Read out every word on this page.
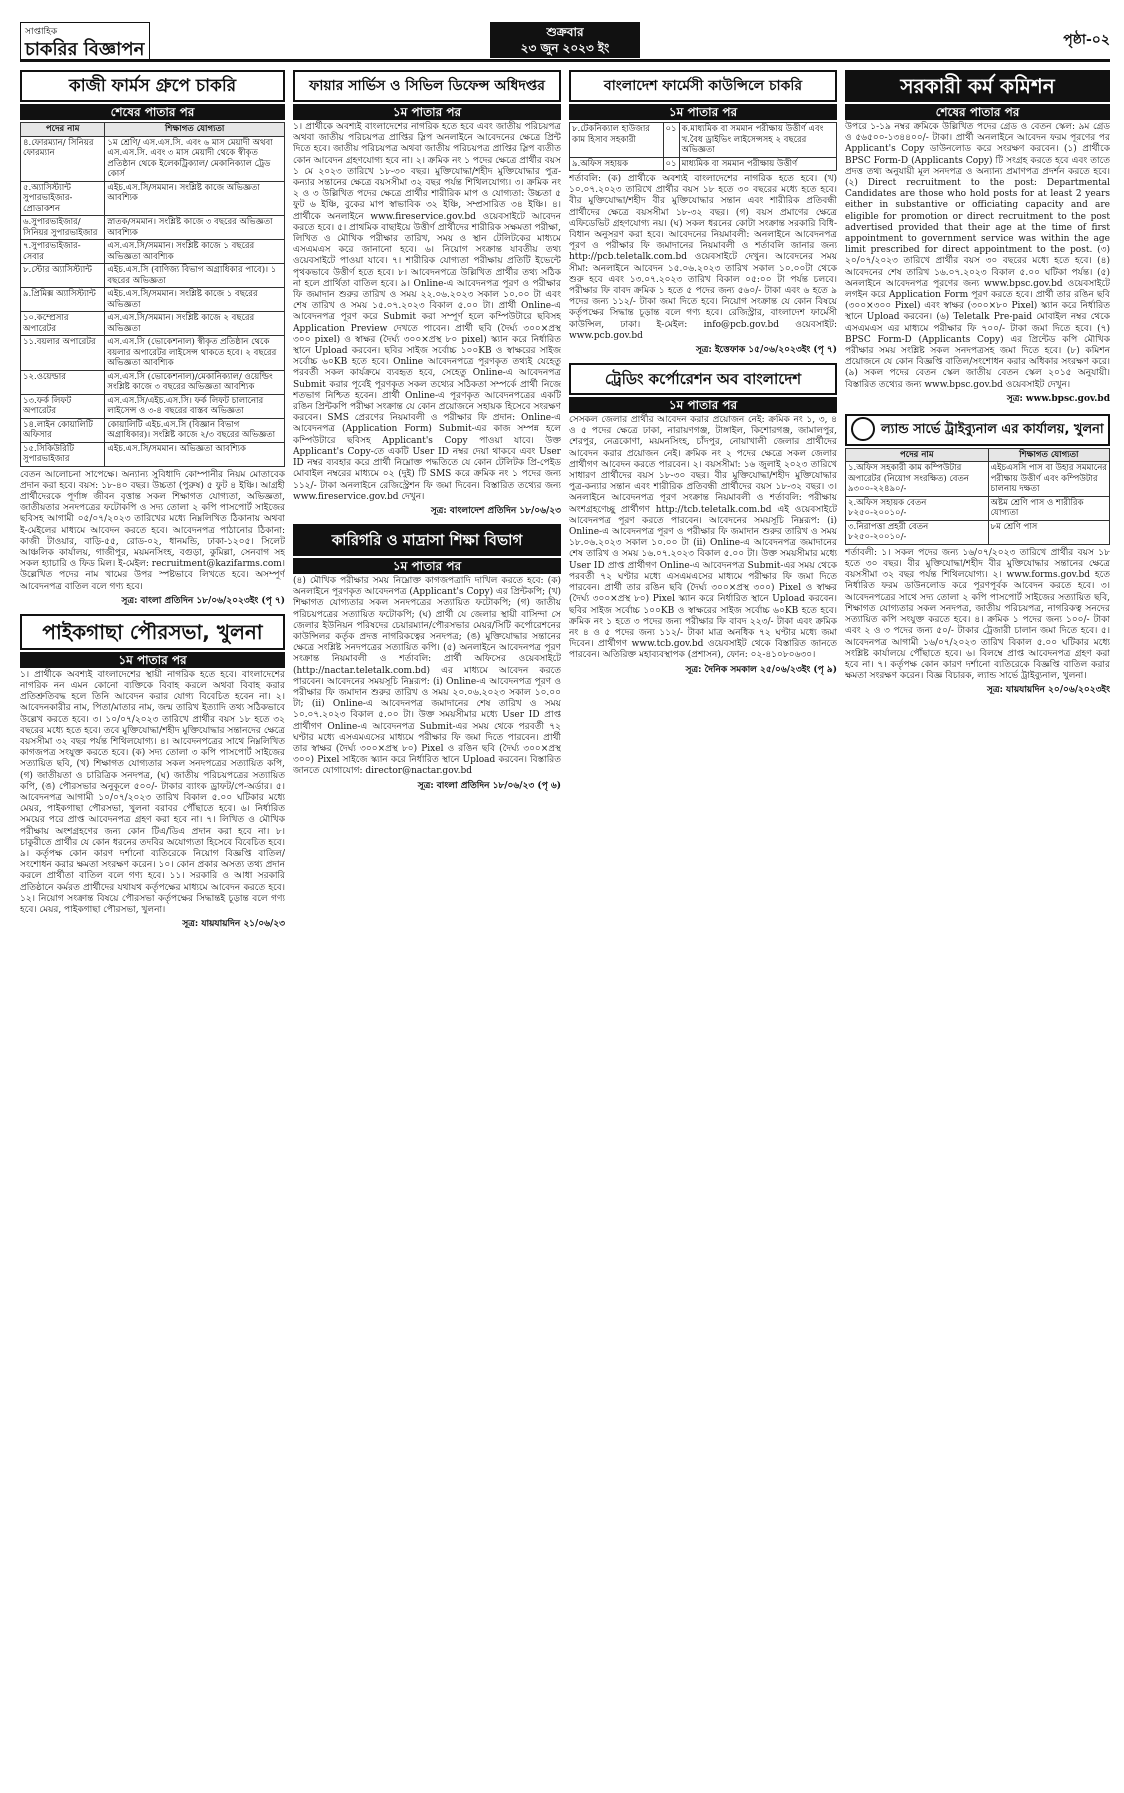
সাপ্তাহিক
চাকরির বিজ্ঞাপন
শুক্রবার
২৩ জুন ২০২৩ ইং	পৃষ্ঠা-০২
কাজী ফার্মস গ্রুপে চাকরি
শেষের পাতার পর
পদের নাম	শিক্ষাগত যোগ্যতা
৪.ফোরম্যান/ সিনিয়র ফোরম্যান	১ম শ্রেণি/ এস.এস.সি. এবং ৬ মাস মেয়াদী অথবা এস.এস.সি. এবং ৩ মাস মেয়াদী থেকে স্বীকৃত প্রতিষ্ঠান থেকে ইলেকট্রিক্যাল/ মেকানিক্যাল ট্রেড কোর্স
৫.অ্যাসিস্ট্যান্ট সুপারভাইজার-প্রোডাকশন	এইচ.এস.সি/সমমান। সংশ্লিষ্ট কাজে অভিজ্ঞতা আবশ্যিক
৬.সুপারভাইজার/ সিনিয়র সুপারভাইজার	স্নাতক/সমমান। সংশ্লিষ্ট কাজে ৩ বছরের অভিজ্ঞতা আবশ্যিক
৭.সুপারভাইজার- সেবার	এস.এস.সি/সমমান। সংশ্লিষ্ট কাজে ১ বছরের অভিজ্ঞতা আবশ্যিক
৮.স্টোর অ্যাসিস্ট্যান্ট	এইচ.এস.সি (বাণিজ্য বিভাগ অগ্রাধিকার পাবে)। ১ বছরের অভিজ্ঞতা
৯.প্রিমিক্স অ্যাসিস্ট্যান্ট	এইচ.এস.সি/সমমান। সংশ্লিষ্ট কাজে ১ বছরের অভিজ্ঞতা
১০.কম্প্রেসার অপারেটর	এস.এস.সি/সমমান। সংশ্লিষ্ট কাজে ২ বছরের অভিজ্ঞতা
১১.বয়লার অপারেটর	এস.এস.সি (ভোকেশনাল) স্বীকৃত প্রতিষ্ঠান থেকে বয়লার অপারেটর লাইসেন্স থাকতে হবে। ২ বছরের অভিজ্ঞতা আবশ্যিক
১২.ওয়েল্ডার	এস.এস.সি (ভোকেশনাল)/মেকানিক্যাল/ ওয়েল্ডিং সংশ্লিষ্ট কাজে ৩ বছরের অভিজ্ঞতা আবশ্যিক
১৩.ফর্ক লিফট অপারেটর	এস.এস.সি/এইচ.এস.সি। ফর্ক লিফট চালানোর লাইসেন্স ও ৩-৪ বছরের বাস্তব অভিজ্ঞতা
১৪.লাইন কোয়ালিটি অফিসার	কোয়ালিটি এইচ.এস.সি (বিজ্ঞান বিভাগ অগ্রাধিকার)। সংশ্লিষ্ট কাজে ২/৩ বছরের অভিজ্ঞতা
১৫.সিকিউরিটি সুপারভাইজার	এইচ.এস.সি/সমমান। অভিজ্ঞতা আবশ্যিক
বেতন আলোচনা সাপেক্ষে। অন্যান্য সুবিধাদি কোম্পানীর নিয়ম মোতাবেক প্রদান করা হবে। বয়স: ১৮-৪০ বছর। উচ্চতা (পুরুষ) ৫ ফুট ৪ ইঞ্চি। আগ্রহী প্রার্থীদেরকে পূর্ণাঙ্গ জীবন বৃত্তান্ত সকল শিক্ষাগত যোগ্যতা, অভিজ্ঞতা, জাতীয়তার সনদপত্রের ফটোকপি ও সদ্য তোলা ২ কপি পাসপোর্ট সাইজের ছবিসহ আগামী ০৫/০৭/২০২৩ তারিখের মধ্যে নিম্নলিখিত ঠিকানায় অথবা ই-মেইলের মাধ্যমে আবেদন করতে হবে। আবেদনপত্র পাঠানোর ঠিকানা: কাজী টাওয়ার, বাড়ি-৫৫, রোড-০২, ধানমন্ডি, ঢাকা-১২০৫। সিলেট আঞ্চলিক কার্যালয়, গাজীপুর, ময়মনসিংহ, বগুড়া, কুমিল্লা, সেনবাগ সহ সকল হ্যাচারি ও ফিড মিল। ই-মেইল: recruitment@kazifarms.com। উল্লেখিত পদের নাম খামের উপর স্পষ্টভাবে লিখতে হবে। অসম্পূর্ণ আবেদনপত্র বাতিল বলে গণ্য হবে।
সূত্র: বাংলা প্রতিদিন ১৮/০৬/২০২৩ইং (পৃ ৭)
পাইকগাছা পৌরসভা, খুলনা
১ম পাতার পর
১। প্রার্থীকে অবশ্যই বাংলাদেশের স্থায়ী নাগরিক হতে হবে। বাংলাদেশের নাগরিক নন এমন কোনো ব্যক্তিকে বিবাহ করলে অথবা বিবাহ করার প্রতিশ্রুতিবদ্ধ হলে তিনি আবেদন করার যোগ্য বিবেচিত হবেন না। ২। আবেদনকারীর নাম, পিতা/মাতার নাম, জন্ম তারিখ ইত্যাদি তথ্য সঠিকভাবে উল্লেখ করতে হবে। ৩। ১০/০৭/২০২৩ তারিখে প্রার্থীর বয়স ১৮ হতে ৩২ বছরের মধ্যে হতে হবে। তবে মুক্তিযোদ্ধা/শহীদ মুক্তিযোদ্ধার সন্তানদের ক্ষেত্রে বয়সসীমা ৩২ বছর পর্যন্ত শিথিলযোগ্য। ৪। আবেদনপত্রের সাথে নিম্নলিখিত কাগজপত্র সংযুক্ত করতে হবে। (ক) সদ্য তোলা ৩ কপি পাসপোর্ট সাইজের সত্যায়িত ছবি, (খ) শিক্ষাগত যোগ্যতার সকল সনদপত্রের সত্যায়িত কপি, (গ) জাতীয়তা ও চারিত্রিক সনদপত্র, (ঘ) জাতীয় পরিচয়পত্রের সত্যায়িত কপি, (ঙ) পৌরসভার অনুকূলে ৫০০/- টাকার ব্যাংক ড্রাফট/পে-অর্ডার। ৫। আবেদনপত্র আগামী ১০/০৭/২০২৩ তারিখ বিকাল ৫.০০ ঘটিকার মধ্যে মেয়র, পাইকগাছা পৌরসভা, খুলনা বরাবর পৌঁছাতে হবে। ৬। নির্ধারিত সময়ের পরে প্রাপ্ত আবেদনপত্র গ্রহণ করা হবে না। ৭। লিখিত ও মৌখিক পরীক্ষায় অংশগ্রহণের জন্য কোন টিএ/ডিএ প্রদান করা হবে না। ৮। চাকুরীতে প্রার্থীর যে কোন ধরনের তদবির অযোগ্যতা হিসেবে বিবেচিত হবে। ৯। কর্তৃপক্ষ কোন কারণ দর্শানো ব্যতিরেকে নিয়োগ বিজ্ঞপ্তি বাতিল/সংশোধন করার ক্ষমতা সংরক্ষণ করেন। ১০। কোন প্রকার অসত্য তথ্য প্রদান করলে প্রার্থীতা বাতিল বলে গণ্য হবে। ১১। সরকারি ও আধা সরকারি প্রতিষ্ঠানে কর্মরত প্রার্থীদের যথাযথ কর্তৃপক্ষের মাধ্যমে আবেদন করতে হবে। ১২। নিয়োগ সংক্রান্ত বিষয়ে পৌরসভা কর্তৃপক্ষের সিদ্ধান্তই চূড়ান্ত বলে গণ্য হবে। মেয়র, পাইকগাছা পৌরসভা, খুলনা।
সূত্র: যায়যায়দিন ২১/০৬/২৩
ফায়ার সার্ভিস ও সিভিল ডিফেন্স অধিদপ্তর
১ম পাতার পর
১। প্রার্থীকে অবশ্যই বাংলাদেশের নাগরিক হতে হবে এবং জাতীয় পরিচয়পত্র অথবা জাতীয় পরিচয়পত্র প্রাপ্তির স্লিপ অনলাইনে আবেদনের ক্ষেত্রে প্রিন্ট দিতে হবে। জাতীয় পরিচয়পত্র অথবা জাতীয় পরিচয়পত্র প্রাপ্তির স্লিপ ব্যতীত কোন আবেদন গ্রহণযোগ্য হবে না। ২। ক্রমিক নং ১ পদের ক্ষেত্রে প্রার্থীর বয়স ১ মে ২০২৩ তারিখে ১৮-৩০ বছর। মুক্তিযোদ্ধা/শহীদ মুক্তিযোদ্ধার পুত্র-কন্যার সন্তানের ক্ষেত্রে বয়সসীমা ৩২ বছর পর্যন্ত শিথিলযোগ্য। ৩। ক্রমিক নং ২ ও ৩ উল্লিখিত পদের ক্ষেত্রে প্রার্থীর শারীরিক মাপ ও যোগ্যতা: উচ্চতা ৫ ফুট ৬ ইঞ্চি, বুকের মাপ স্বাভাবিক ৩২ ইঞ্চি, সম্প্রসারিত ৩৪ ইঞ্চি। ৪। প্রার্থীকে অনলাইনে www.fireservice.gov.bd ওয়েবসাইটে আবেদন করতে হবে। ৫। প্রাথমিক বাছাইয়ে উত্তীর্ণ প্রার্থীদের শারীরিক সক্ষমতা পরীক্ষা, লিখিত ও মৌখিক পরীক্ষার তারিখ, সময় ও স্থান টেলিটকের মাধ্যমে এসএমএস করে জানানো হবে। ৬। নিয়োগ সংক্রান্ত যাবতীয় তথ্য ওয়েবসাইটে পাওয়া যাবে। ৭। শারীরিক যোগ্যতা পরীক্ষায় প্রতিটি ইভেন্টে পৃথকভাবে উত্তীর্ণ হতে হবে। ৮। আবেদনপত্রে উল্লিখিত প্রার্থীর তথ্য সঠিক না হলে প্রার্থিতা বাতিল হবে। ৯। Online-এ আবেদনপত্র পূরণ ও পরীক্ষার ফি জমাদান শুরুর তারিখ ও সময় ২২.০৬.২০২৩ সকাল ১০.০০ টা এবং শেষ তারিখ ও সময় ১৫.০৭.২০২৩ বিকাল ৫.০০ টা। প্রার্থী Online-এ আবেদনপত্র পূরণ করে Submit করা সম্পূর্ণ হলে কম্পিউটারে ছবিসহ Application Preview দেখতে পাবেন। প্রার্থী ছবি (দৈর্ঘ্য ৩০০×প্রস্থ ৩০০ pixel) ও স্বাক্ষর (দৈর্ঘ্য ৩০০×প্রস্থ ৮০ pixel) স্ক্যান করে নির্ধারিত স্থানে Upload করবেন। ছবির সাইজ সর্বোচ্চ ১০০KB ও স্বাক্ষরের সাইজ সর্বোচ্চ ৬০KB হতে হবে। Online আবেদনপত্রে পূরণকৃত তথ্যই যেহেতু পরবর্তী সকল কার্যক্রমে ব্যবহৃত হবে, সেহেতু Online-এ আবেদনপত্র Submit করার পূর্বেই পূরণকৃত সকল তথ্যের সঠিকতা সম্পর্কে প্রার্থী নিজে শতভাগ নিশ্চিত হবেন। প্রার্থী Online-এ পূরণকৃত আবেদনপত্রের একটি রঙিন প্রিন্টকপি পরীক্ষা সংক্রান্ত যে কোন প্রয়োজনে সহায়ক হিসেবে সংরক্ষণ করবেন। SMS প্রেরণের নিয়মাবলী ও পরীক্ষার ফি প্রদান: Online-এ আবেদনপত্র (Application Form) Submit-এর কাজ সম্পন্ন হলে কম্পিউটারে ছবিসহ Applicant's Copy পাওয়া যাবে। উক্ত Applicant's Copy-তে একটি User ID নম্বর দেয়া থাকবে এবং User ID নম্বর ব্যবহার করে প্রার্থী নিম্নোক্ত পদ্ধতিতে যে কোন টেলিটক প্রি-পেইড মোবাইল নম্বরের মাধ্যমে ০২ (দুই) টি SMS করে ক্রমিক নং ১ পদের জন্য ১১২/- টাকা অনলাইনে রেজিস্ট্রেশন ফি জমা দিবেন। বিস্তারিত তথ্যের জন্য www.fireservice.gov.bd দেখুন।
সূত্র: বাংলাদেশ প্রতিদিন ১৮/০৬/২৩
কারিগরি ও মাদ্রাসা শিক্ষা বিভাগ
১ম পাতার পর
(৪) মৌখিক পরীক্ষার সময় নিম্নোক্ত কাগজপত্রাদি দাখিল করতে হবে: (ক) অনলাইনে পূরণকৃত আবেদনপত্র (Applicant's Copy) এর প্রিন্টকপি; (খ) শিক্ষাগত যোগ্যতার সকল সনদপত্রের সত্যায়িত ফটোকপি; (গ) জাতীয় পরিচয়পত্রের সত্যায়িত ফটোকপি; (ঘ) প্রার্থী যে জেলার স্থায়ী বাসিন্দা সে জেলার ইউনিয়ন পরিষদের চেয়ারম্যান/পৌরসভার মেয়র/সিটি কর্পোরেশনের কাউন্সিলর কর্তৃক প্রদত্ত নাগরিকত্বের সনদপত্র; (ঙ) মুক্তিযোদ্ধার সন্তানের ক্ষেত্রে সংশ্লিষ্ট সনদপত্রের সত্যায়িত কপি। (৫) অনলাইনে আবেদনপত্র পূরণ সংক্রান্ত নিয়মাবলী ও শর্তাবলি: প্রার্থী অফিসের ওয়েবসাইটে (http://nactar.teletalk.com.bd) এর মাধ্যমে আবেদন করতে পারবেন। আবেদনের সময়সূচি নিম্নরূপ: (i) Online-এ আবেদনপত্র পূরণ ও পরীক্ষার ফি জমাদান শুরুর তারিখ ও সময় ২০.০৬.২০২৩ সকাল ১০.০০ টা; (ii) Online-এ আবেদনপত্র জমাদানের শেষ তারিখ ও সময় ১০.০৭.২০২৩ বিকাল ৫.০০ টা। উক্ত সময়সীমার মধ্যে User ID প্রাপ্ত প্রার্থীগণ Online-এ আবেদনপত্র Submit-এর সময় থেকে পরবর্তী ৭২ ঘণ্টার মধ্যে এসএমএসের মাধ্যমে পরীক্ষার ফি জমা দিতে পারবেন। প্রার্থী তার স্বাক্ষর (দৈর্ঘ্য ৩০০×প্রস্থ ৮০) Pixel ও রঙিন ছবি (দৈর্ঘ্য ৩০০×প্রস্থ ৩০০) Pixel সাইজে স্ক্যান করে নির্ধারিত স্থানে Upload করবেন। বিস্তারিত জানতে যোগাযোগ: director@nactar.gov.bd
সূত্র: বাংলা প্রতিদিন ১৮/০৬/২৩ (পৃ ৬)
বাংলাদেশ ফার্মেসী কাউন্সিলে চাকরি
১ম পাতার পর
৮.টেকনিক্যাল হাউজার কাম হিসাব সহকারী	০১	ক.মাধ্যমিক বা সমমান পরীক্ষায় উত্তীর্ণ এবং খ.বৈধ ড্রাইভিং লাইসেন্সসহ ২ বছরের অভিজ্ঞতা
৯.অফিস সহায়ক	০১	মাধ্যমিক বা সমমান পরীক্ষায় উত্তীর্ণ
শর্তাবলি: (ক) প্রার্থীকে অবশ্যই বাংলাদেশের নাগরিক হতে হবে। (খ) ১০.০৭.২০২৩ তারিখে প্রার্থীর বয়স ১৮ হতে ৩০ বছরের মধ্যে হতে হবে। বীর মুক্তিযোদ্ধা/শহীদ বীর মুক্তিযোদ্ধার সন্তান এবং শারীরিক প্রতিবন্ধী প্রার্থীদের ক্ষেত্রে বয়সসীমা ১৮-৩২ বছর। (গ) বয়স প্রমাণের ক্ষেত্রে এফিডেভিট গ্রহণযোগ্য নয়। (ঘ) সকল ধরনের কোটা সংক্রান্ত সরকারি বিধি-বিধান অনুসরণ করা হবে। আবেদনের নিয়মাবলী: অনলাইনে আবেদনপত্র পূরণ ও পরীক্ষার ফি জমাদানের নিয়মাবলী ও শর্তাবলি জানার জন্য http://pcb.teletalk.com.bd ওয়েবসাইটে দেখুন। আবেদনের সময় সীমা: অনলাইনে আবেদন ১৫.০৬.২০২৩ তারিখ সকাল ১০.০০টা থেকে শুরু হবে এবং ১৩.০৭.২০২৩ তারিখ বিকাল ০৫:০০ টা পর্যন্ত চলবে। পরীক্ষার ফি বাবদ ক্রমিক ১ হতে ৫ পদের জন্য ৫৬০/- টাকা এবং ৬ হতে ৯ পদের জন্য ১১২/- টাকা জমা দিতে হবে। নিয়োগ সংক্রান্ত যে কোন বিষয়ে কর্তৃপক্ষের সিদ্ধান্ত চূড়ান্ত বলে গণ্য হবে। রেজিস্ট্রার, বাংলাদেশ ফার্মেসী কাউন্সিল, ঢাকা। ই-মেইল: info@pcb.gov.bd ওয়েবসাইট: www.pcb.gov.bd
সূত্র: ইত্তেফাক ১৫/০৬/২০২৩ইং (পৃ ৭)
ট্রেডিং কর্পোরেশন অব বাংলাদেশ
১ম পাতার পর
সেসকল জেলার প্রার্থীর আবেদন করার প্রয়োজন নেই: ক্রমিক নং ১, ৩, ৪ ও ৫ পদের ক্ষেত্রে ঢাকা, নারায়ণগঞ্জ, টাঙ্গাইল, কিশোরগঞ্জ, জামালপুর, শেরপুর, নেত্রকোণা, ময়মনসিংহ, চাঁদপুর, নোয়াখালী জেলার প্রার্থীদের আবেদন করার প্রয়োজন নেই। ক্রমিক নং ২ পদের ক্ষেত্রে সকল জেলার প্রার্থীগণ আবেদন করতে পারবেন। ২। বয়সসীমা: ১৬ জুলাই ২০২৩ তারিখে সাধারণ প্রার্থীদের বয়স ১৮-৩০ বছর। বীর মুক্তিযোদ্ধা/শহীদ মুক্তিযোদ্ধার পুত্র-কন্যার সন্তান এবং শারীরিক প্রতিবন্ধী প্রার্থীদের বয়স ১৮-৩২ বছর। ৩। অনলাইনে আবেদনপত্র পূরণ সংক্রান্ত নিয়মাবলী ও শর্তাবলি: পরীক্ষায় অংশগ্রহণেচ্ছু প্রার্থীগণ http://tcb.teletalk.com.bd এই ওয়েবসাইটে আবেদনপত্র পূরণ করতে পারবেন। আবেদনের সময়সূচি নিম্নরূপ: (i) Online-এ আবেদনপত্র পূরণ ও পরীক্ষার ফি জমাদান শুরুর তারিখ ও সময় ১৮.০৬.২০২৩ সকাল ১০.০০ টা (ii) Online-এ আবেদনপত্র জমাদানের শেষ তারিখ ও সময় ১৬.০৭.২০২৩ বিকাল ৫.০০ টা। উক্ত সময়সীমার মধ্যে User ID প্রাপ্ত প্রার্থীগণ Online-এ আবেদনপত্র Submit-এর সময় থেকে পরবর্তী ৭২ ঘণ্টার মধ্যে এসএমএসের মাধ্যমে পরীক্ষার ফি জমা দিতে পারবেন। প্রার্থী তার রঙিন ছবি (দৈর্ঘ্য ৩০০×প্রস্থ ৩০০) Pixel ও স্বাক্ষর (দৈর্ঘ্য ৩০০×প্রস্থ ৮০) Pixel স্ক্যান করে নির্ধারিত স্থানে Upload করবেন। ছবির সাইজ সর্বোচ্চ ১০০KB ও স্বাক্ষরের সাইজ সর্বোচ্চ ৬০KB হতে হবে। ক্রমিক নং ১ হতে ৩ পদের জন্য পরীক্ষার ফি বাবদ ২২৩/- টাকা এবং ক্রমিক নং ৪ ও ৫ পদের জন্য ১১২/- টাকা মাত্র অনধিক ৭২ ঘণ্টার মধ্যে জমা দিবেন। প্রার্থীগণ www.tcb.gov.bd ওয়েবসাইট থেকে বিস্তারিত জানতে পারবেন। অতিরিক্ত মহাব্যবস্থাপক (প্রশাসন), ফোন: ০২-৪১০৮০৬৩০।
সূত্র: দৈনিক সমকাল ২৫/০৬/২৩ইং (পৃ ৯)
সরকারী কর্ম কমিশন
শেষের পাতার পর
উপরে ১-১৯ নম্বর ক্রমিকে উল্লিখিত পদের গ্রেড ও বেতন স্কেল: ৯ম গ্রেড ও ৫৬৫০০-১৩৪৪০০/- টাকা। প্রার্থী অনলাইনে আবেদন ফরম পূরণের পর Applicant's Copy ডাউনলোড করে সংরক্ষণ করবেন। (১) প্রার্থীকে BPSC Form-D (Applicants Copy) টি সংগ্রহ করতে হবে এবং তাতে প্রদত্ত তথ্য অনুযায়ী মূল সনদপত্র ও অন্যান্য প্রমাণপত্র প্রদর্শন করতে হবে। (২) Direct recruitment to the post: Departmental Candidates are those who hold posts for at least 2 years either in substantive or officiating capacity and are eligible for promotion or direct recruitment to the post advertised provided that their age at the time of first appointment to government service was within the age limit prescribed for direct appointment to the post. (৩) ২০/০৭/২০২৩ তারিখে প্রার্থীর বয়স ৩০ বছরের মধ্যে হতে হবে। (৪) আবেদনের শেষ তারিখ ১৬.০৭.২০২৩ বিকাল ৫.০০ ঘটিকা পর্যন্ত। (৫) অনলাইনে আবেদনপত্র পূরণের জন্য www.bpsc.gov.bd ওয়েবসাইটে লগইন করে Application Form পূরণ করতে হবে। প্রার্থী তার রঙিন ছবি (৩০০×৩০০ Pixel) এবং স্বাক্ষর (৩০০×৮০ Pixel) স্ক্যান করে নির্ধারিত স্থানে Upload করবেন। (৬) Teletalk Pre-paid মোবাইল নম্বর থেকে এসএমএস এর মাধ্যমে পরীক্ষার ফি ৭০০/- টাকা জমা দিতে হবে। (৭) BPSC Form-D (Applicants Copy) এর প্রিন্টেড কপি মৌখিক পরীক্ষার সময় সংশ্লিষ্ট সকল সনদপত্রসহ জমা দিতে হবে। (৮) কমিশন প্রয়োজনে যে কোন বিজ্ঞপ্তি বাতিল/সংশোধন করার অধিকার সংরক্ষণ করে। (৯) সকল পদের বেতন স্কেল জাতীয় বেতন স্কেল ২০১৫ অনুযায়ী। বিস্তারিত তথ্যের জন্য www.bpsc.gov.bd ওয়েবসাইট দেখুন।
সূত্র: www.bpsc.gov.bd
ল্যান্ড সার্ভে ট্রাইব্যুনাল এর কার্যালয়, খুলনা
পদের নাম	শিক্ষাগত যোগ্যতা
১.অফিস সহকারী কাম কম্পিউটার অপারেটর (নিয়োগ সংরক্ষিত) বেতন ৯৩০০-২২৪৯০/-	এইচএসসি পাস বা উহার সমমানের পরীক্ষায় উত্তীর্ণ এবং কম্পিউটার চালনায় দক্ষতা
২.অফিস সহায়ক বেতন ৮২৫০-২০০১০/-	অষ্টম শ্রেণি পাস ও শারীরিক যোগ্যতা
৩.নিরাপত্তা প্রহরী বেতন ৮২৫০-২০০১০/-	৮ম শ্রেণি পাস
শর্তাবলী: ১। সকল পদের জন্য ১৬/০৭/২০২৩ তারিখে প্রার্থীর বয়স ১৮ হতে ৩০ বছর। বীর মুক্তিযোদ্ধা/শহীদ বীর মুক্তিযোদ্ধার সন্তানের ক্ষেত্রে বয়সসীমা ৩২ বছর পর্যন্ত শিথিলযোগ্য। ২। www.forms.gov.bd হতে নির্ধারিত ফরম ডাউনলোড করে পূরণপূর্বক আবেদন করতে হবে। ৩। আবেদনপত্রের সাথে সদ্য তোলা ২ কপি পাসপোর্ট সাইজের সত্যায়িত ছবি, শিক্ষাগত যোগ্যতার সকল সনদপত্র, জাতীয় পরিচয়পত্র, নাগরিকত্ব সনদের সত্যায়িত কপি সংযুক্ত করতে হবে। ৪। ক্রমিক ১ পদের জন্য ১০০/- টাকা এবং ২ ও ৩ পদের জন্য ৫০/- টাকার ট্রেজারী চালান জমা দিতে হবে। ৫। আবেদনপত্র আগামী ১৬/০৭/২০২৩ তারিখ বিকাল ৫.০০ ঘটিকার মধ্যে সংশ্লিষ্ট কার্যালয়ে পৌঁছাতে হবে। ৬। বিলম্বে প্রাপ্ত আবেদনপত্র গ্রহণ করা হবে না। ৭। কর্তৃপক্ষ কোন কারণ দর্শানো ব্যতিরেকে বিজ্ঞপ্তি বাতিল করার ক্ষমতা সংরক্ষণ করেন। বিজ্ঞ বিচারক, ল্যান্ড সার্ভে ট্রাইব্যুনাল, খুলনা।
সূত্র: যায়যায়দিন ২০/০৬/২০২৩ইং
